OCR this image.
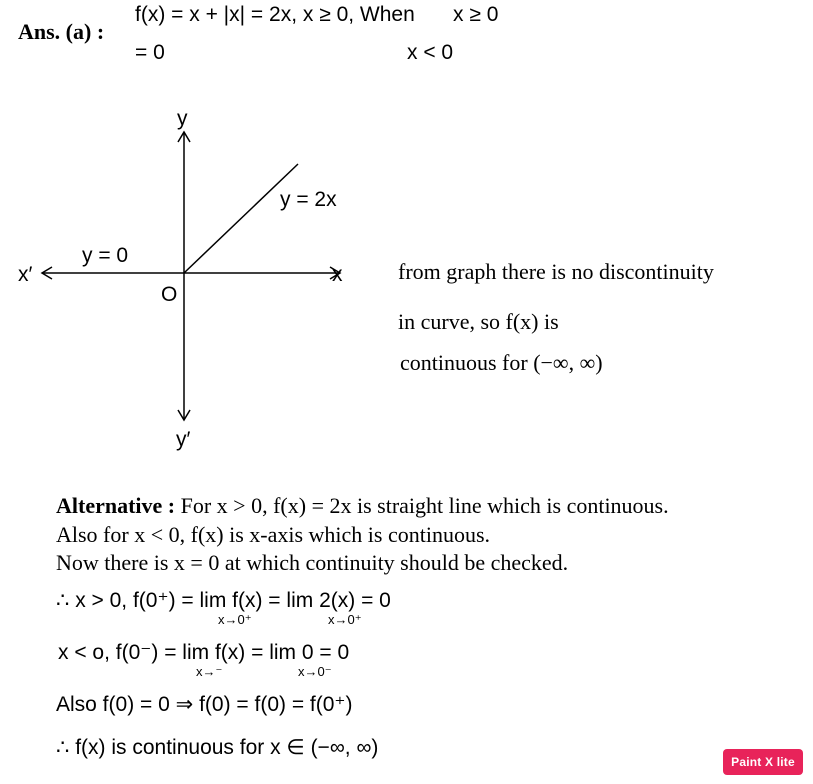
Ans. (a) :
f(x) = x + |x| = 2x, x ≥ 0, When x ≥ 0
= 0	x < 0
y
y′
x′	x
O
y = 2x
y = 0
from graph there is no discontinuity
in curve, so f(x) is
continuous for (−∞, ∞)
Alternative : For x > 0, f(x) = 2x is straight line which is continuous.
Also for x < 0, f(x) is x-axis which is continuous.
Now there is x = 0 at which continuity should be checked.
∴ x > 0, f(0⁺) = lim f(x) = lim 2(x) = 0
x→0⁺	x→0⁺
x < o, f(0⁻) = lim f(x) = lim 0 = 0
x→⁻	x→0⁻
Also f(0) = 0 ⇒ f(0) = f(0) = f(0⁺)
∴ f(x) is continuous for x ∈ (−∞, ∞)
Paint X lite
